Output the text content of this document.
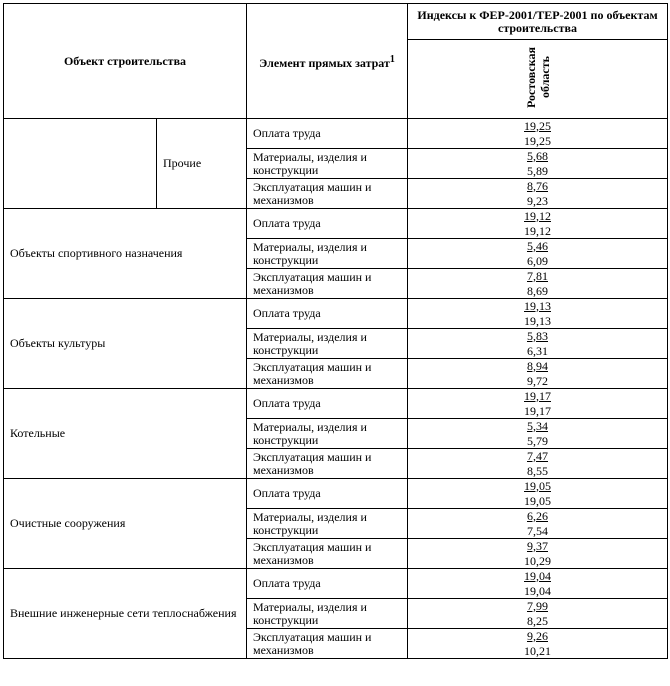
Объект строительства		Элемент прямых затрат$^1$	Индексы к ФЕР-2001/ТЕР-2001 по объектам строительства
			Ростовская область
	Прочие	Оплата труда	19,25
19,25

		Материалы, изделия и конструкции	5,68
5,89

		Эксплуатация машин и механизмов	8,76
9,23

Объекты спортивного назначения		Оплата труда	19,12
19,12

		Материалы, изделия и конструкции	5,46
6,09

		Эксплуатация машин и механизмов	7,81
8,69

Объекты культуры		Оплата труда	19,13
19,13

		Материалы, изделия и конструкции	5,83
6,31

		Эксплуатация машин и механизмов	8,94
9,72

Котельные		Оплата труда	19,17
19,17

		Материалы, изделия и конструкции	5,34
5,79

		Эксплуатация машин и механизмов	7,47
8,55

Очистные сооружения		Оплата труда	19,05
19,05

		Материалы, изделия и конструкции	6,26
7,54

		Эксплуатация машин и механизмов	9,37
10,29

Внешние инженерные сети теплоснабжения		Оплата труда	19,04
19,04

		Материалы, изделия и конструкции	7,99
8,25

		Эксплуатация машин и механизмов	9,26
10,21
